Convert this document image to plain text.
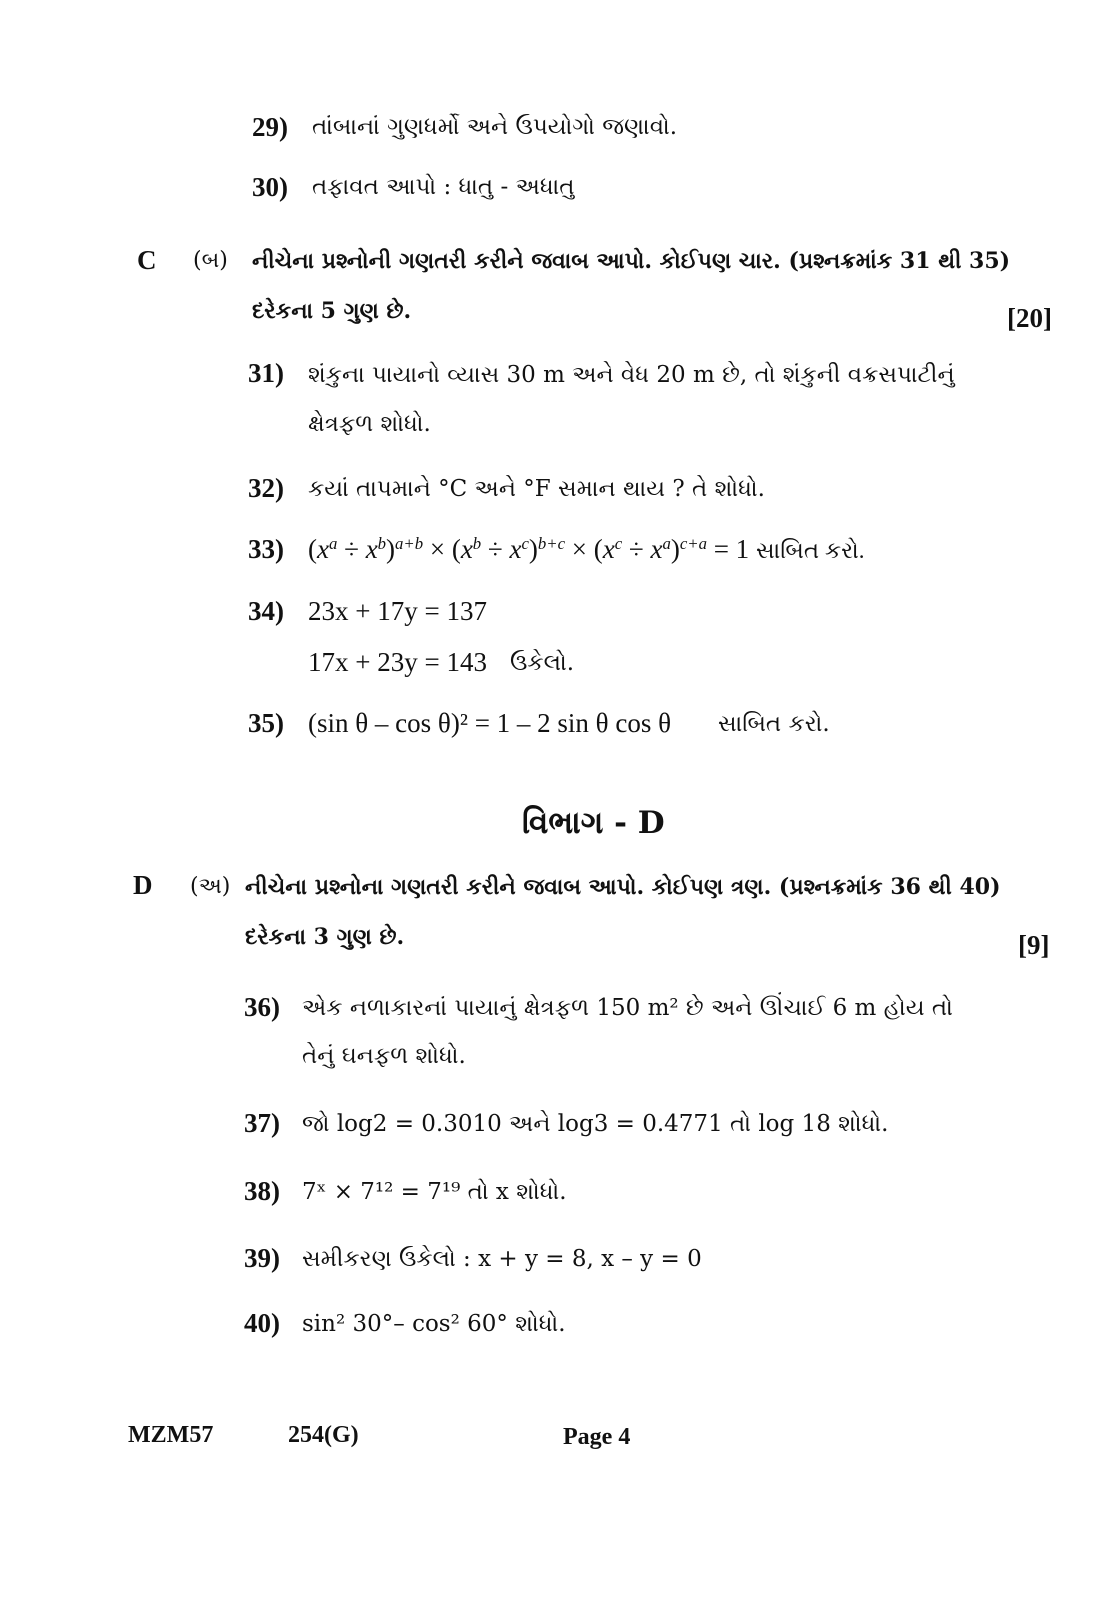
29) તાંબાનાં ગુણધર્મો અને ઉપયોગો જણાવો.
30) તફાવત આપો : ધાતુ - અધાતુ
C (બ) નીચેના પ્રશ્નોની ગણતરી કરીને જવાબ આપો. કોઈપણ ચાર. (પ્રશ્નક્રમાંક 31 થી 35)
દરેકના 5 ગુણ છે.	[20]
31) શંકુના પાયાનો વ્યાસ 30 m અને વેધ 20 m છે, તો શંકુની વક્રસપાટીનું
ક્ષેત્રફળ શોધો.
32) કયાં તાપમાને °C અને °F સમાન થાય ? તે શોધો.
33) $(x^a \div x^b)^{a+b} \times (x^b \div x^c)^{b+c} \times (x^c \div x^a)^{c+a} = 1$ સાબિત કરો.
34) 23x + 17y = 137
17x + 23y = 143 ઉકેલો.
35) (sin θ – cos θ)² = 1 – 2 sin θ cos θ સાબિત કરો.
વિભાગ - D
D (અ) નીચેના પ્રશ્નોના ગણતરી કરીને જવાબ આપો. કોઈપણ ત્રણ. (પ્રશ્નક્રમાંક 36 થી 40)
દરેકના 3 ગુણ છે.	[9]
36) એક નળાકારનાં પાયાનું ક્ષેત્રફળ 150 m² છે અને ઊંચાઈ 6 m હોય તો
તેનું ઘનફળ શોધો.
37) જો log2 = 0.3010 અને log3 = 0.4771 તો log 18 શોધો.
38) 7ˣ × 7¹² = 7¹⁹ તો x શોધો.
39) સમીકરણ ઉકેલો : x + y = 8, x – y = 0
40) sin² 30°– cos² 60° શોધો.
MZM57	254(G)	Page 4
